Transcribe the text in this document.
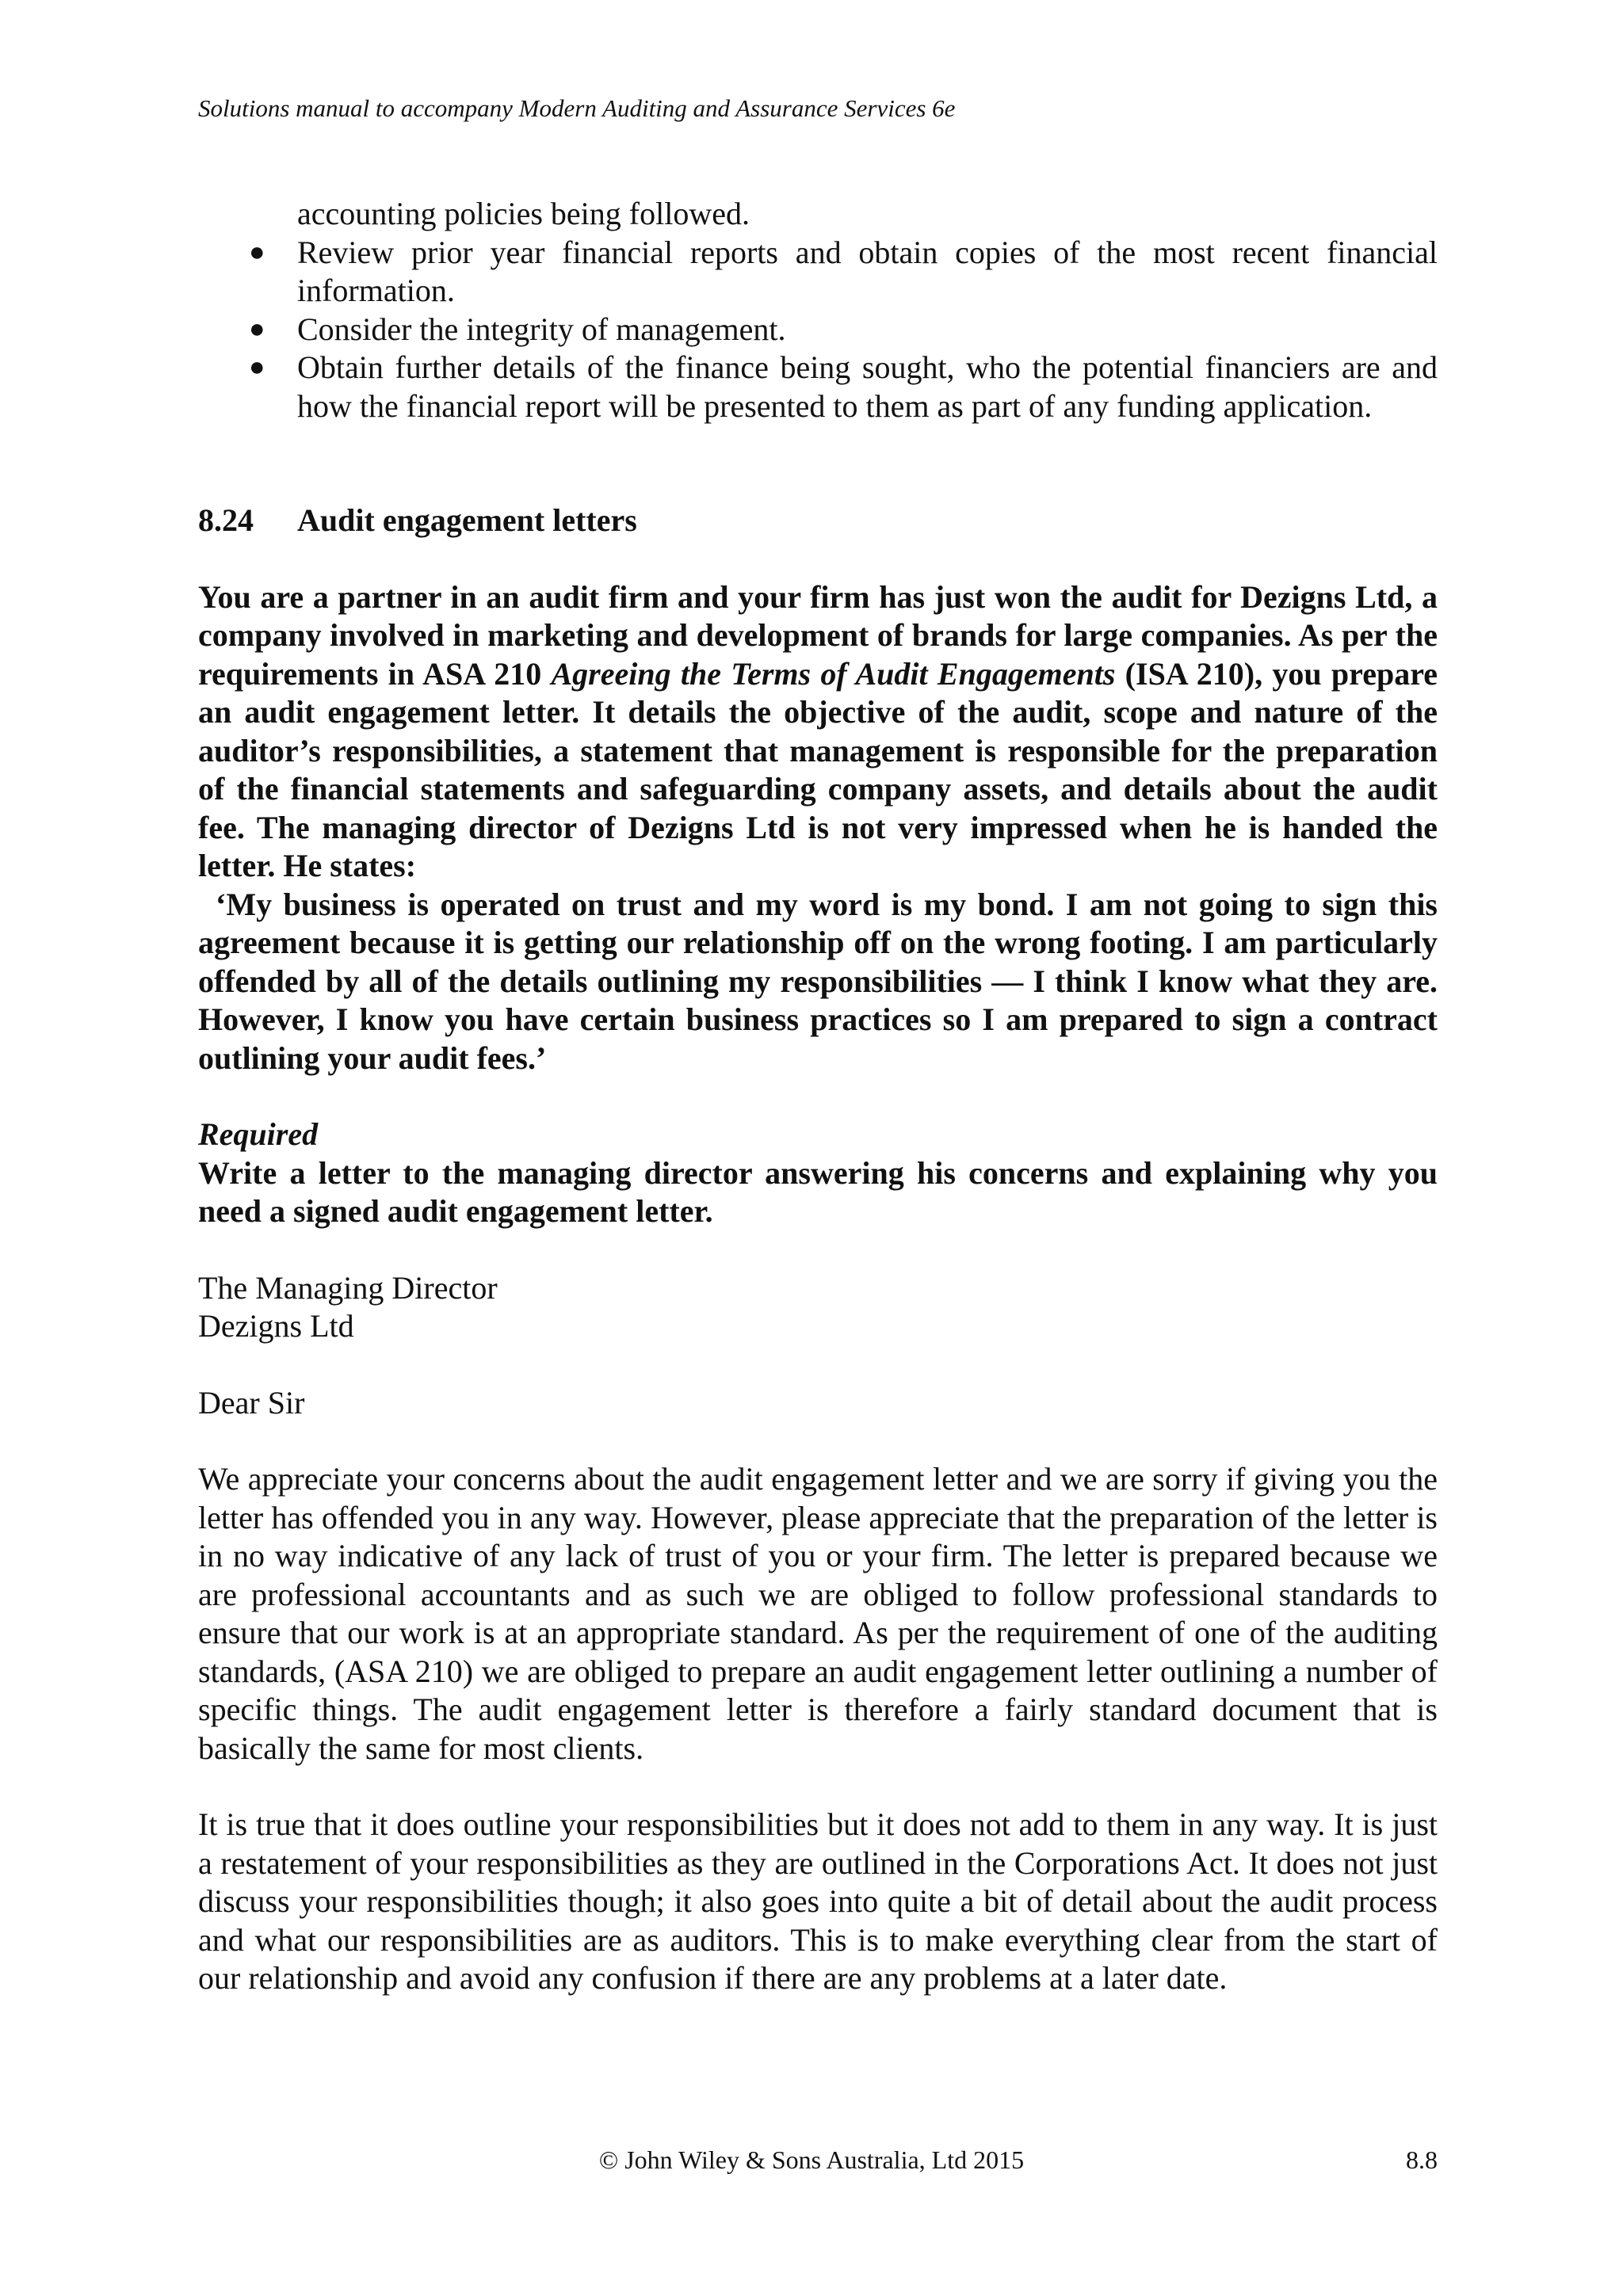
Solutions manual to accompany Modern Auditing and Assurance Services 6e
accounting policies being followed.
● Review prior year financial reports and obtain copies of the most recent financial information.
● Consider the integrity of management.
● Obtain further details of the finance being sought, who the potential financiers are and how the financial report will be presented to them as part of any funding application.
8.24 Audit engagement letters

You are a partner in an audit firm and your firm has just won the audit for Dezigns Ltd, a company involved in marketing and development of brands for large companies. As per the requirements in ASA 210 Agreeing the Terms of Audit Engagements (ISA 210), you prepare an audit engagement letter. It details the objective of the audit, scope and nature of the auditor’s responsibilities, a statement that management is responsible for the preparation of the financial statements and safeguarding company assets, and details about the audit fee. The managing director of Dezigns Ltd is not very impressed when he is handed the letter. He states:

‘My business is operated on trust and my word is my bond. I am not going to sign this agreement because it is getting our relationship off on the wrong footing. I am particularly offended by all of the details outlining my responsibilities — I think I know what they are. However, I know you have certain business practices so I am prepared to sign a contract outlining your audit fees.’

Required

Write a letter to the managing director answering his concerns and explaining why you need a signed audit engagement letter.

The Managing Director
Dezigns Ltd
Dear Sir

We appreciate your concerns about the audit engagement letter and we are sorry if giving you the letter has offended you in any way. However, please appreciate that the preparation of the letter is in no way indicative of any lack of trust of you or your firm. The letter is prepared because we are professional accountants and as such we are obliged to follow professional standards to ensure that our work is at an appropriate standard. As per the requirement of one of the auditing standards, (ASA 210) we are obliged to prepare an audit engagement letter outlining a number of specific things. The audit engagement letter is therefore a fairly standard document that is basically the same for most clients.

It is true that it does outline your responsibilities but it does not add to them in any way. It is just a restatement of your responsibilities as they are outlined in the Corporations Act. It does not just discuss your responsibilities though; it also goes into quite a bit of detail about the audit process and what our responsibilities are as auditors. This is to make everything clear from the start of our relationship and avoid any confusion if there are any problems at a later date.

© John Wiley & Sons Australia, Ltd 2015	8.8
